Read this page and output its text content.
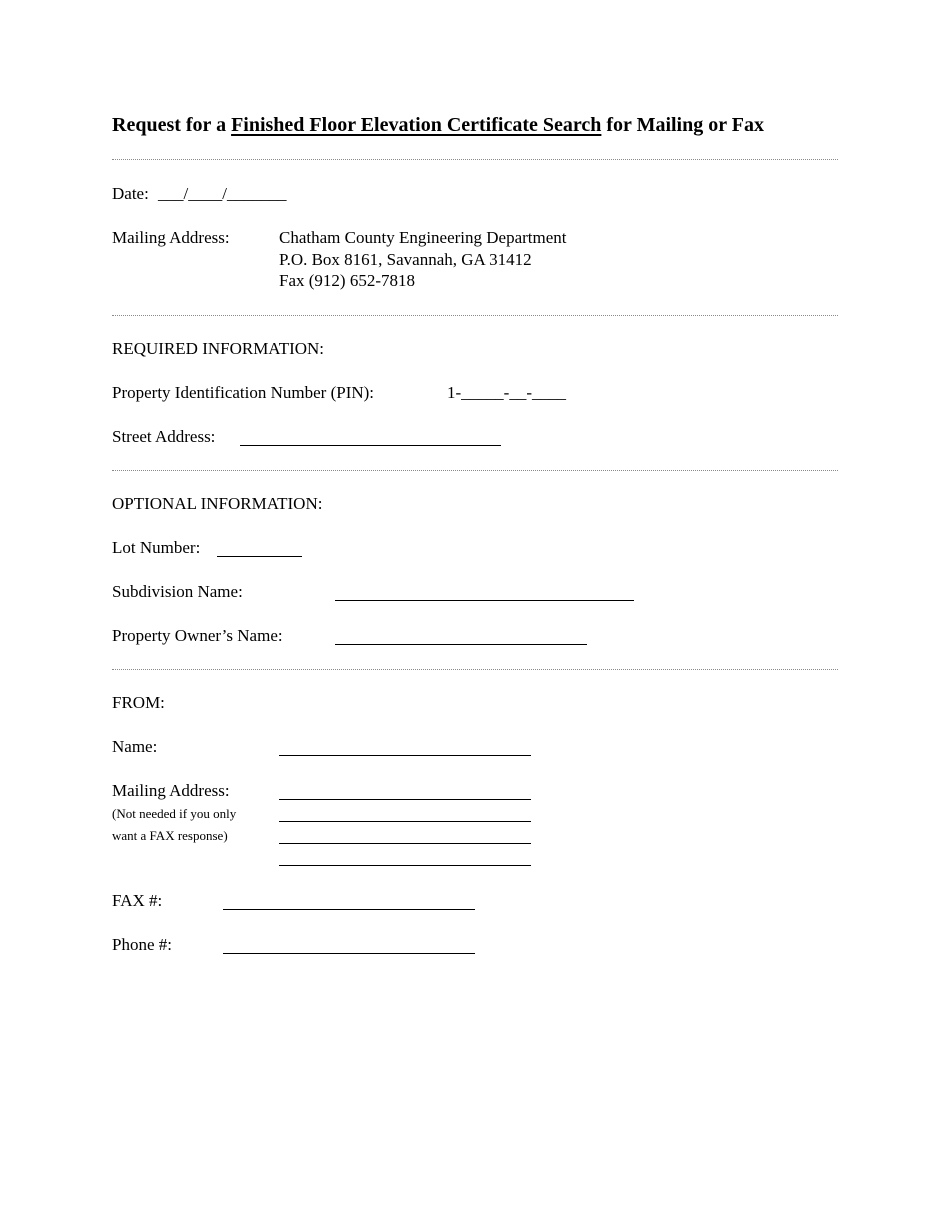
Request for a Finished Floor Elevation Certificate Search for Mailing or Fax
Date: ___/____/_______
Mailing Address:	Chatham County Engineering Department
P.O. Box 8161, Savannah, GA 31412
Fax (912) 652-7818
REQUIRED INFORMATION:
Property Identification Number (PIN):	1-_____-__-____
Street Address:
OPTIONAL INFORMATION:
Lot Number:
Subdivision Name:
Property Owner’s Name:
FROM:
Name:
Mailing Address:
(Not needed if you only
want a FAX response)
FAX #:
Phone #:
